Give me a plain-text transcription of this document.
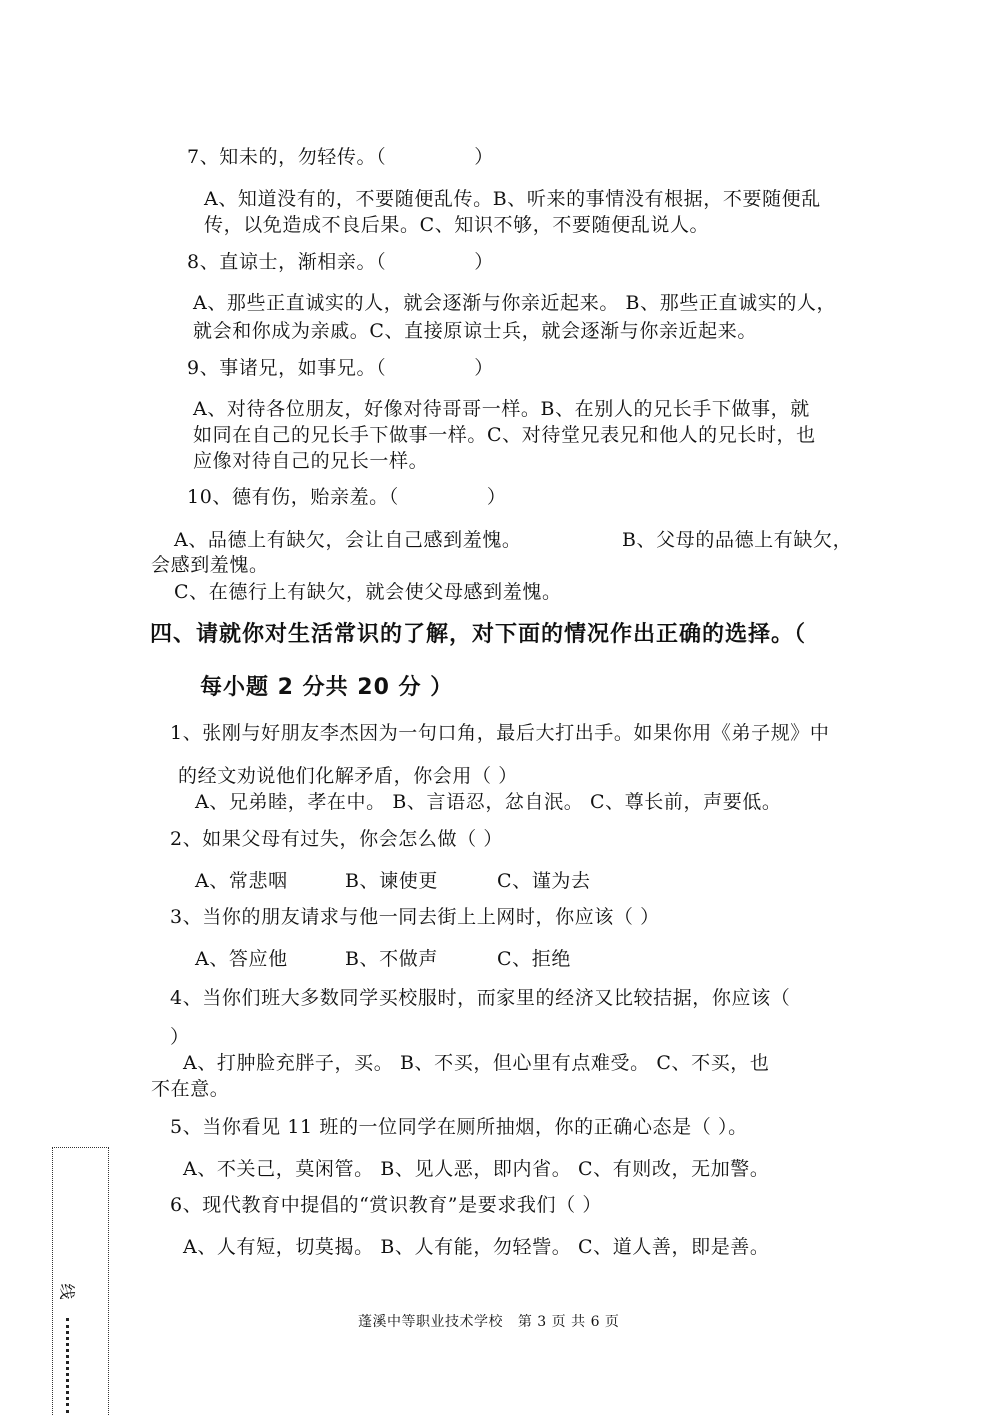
7、知未的，勿轻传。（	）
A、知道没有的，不要随便乱传。B、听来的事情没有根据，不要随便乱
传，以免造成不良后果。C、知识不够，不要随便乱说人。
8、直谅士，渐相亲。（	）
A、那些正直诚实的人，就会逐渐与你亲近起来。 B、那些正直诚实的人，
就会和你成为亲戚。C、直接原谅士兵，就会逐渐与你亲近起来。
9、事诸兄，如事兄。（	）
A、对待各位朋友，好像对待哥哥一样。B、在别人的兄长手下做事，就
如同在自己的兄长手下做事一样。C、对待堂兄表兄和他人的兄长时，也
应像对待自己的兄长一样。
10、德有伤，贻亲羞。（	）
A、品德上有缺欠，会让自己感到羞愧。	B、父母的品德上有缺欠，
会感到羞愧。
C、在德行上有缺欠，就会使父母感到羞愧。
四、请就你对生活常识的了解，对下面的情况作出正确的选择。（
每小题 2 分共 20 分 ）
1、张刚与好朋友李杰因为一句口角，最后大打出手。如果你用《弟子规》中
的经文劝说他们化解矛盾，你会用（ ）
A、兄弟睦，孝在中。 B、言语忍，忿自泯。 C、尊长前，声要低。
2、如果父母有过失，你会怎么做（ ）
A、常悲咽	B、谏使更	C、谨为去
3、当你的朋友请求与他一同去街上上网时，你应该（ ）
A、答应他	B、不做声	C、拒绝
4、当你们班大多数同学买校服时，而家里的经济又比较拮据，你应该（
）
A、打肿脸充胖子，买。 B、不买，但心里有点难受。 C、不买，也
不在意。
5、当你看见 11 班的一位同学在厕所抽烟，你的正确心态是（ ）。
A、不关己，莫闲管。 B、见人恶，即内省。 C、有则改，无加警。
6、现代教育中提倡的“赏识教育”是要求我们（ ）
A、人有短，切莫揭。 B、人有能，勿轻訾。 C、道人善，即是善。
蓬溪中等职业技术学校 第 3 页 共 6 页
线
